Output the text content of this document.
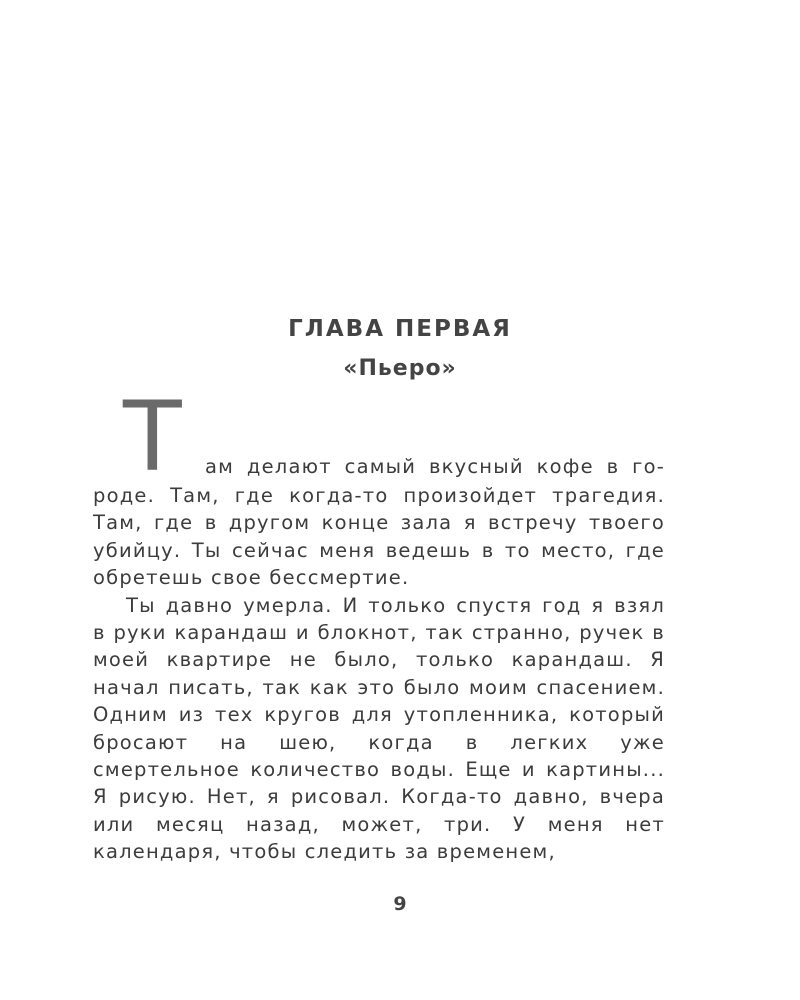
ГЛАВА ПЕРВАЯ
«Пьеро»
Т ам делают самый вкусный кофе в го-

роде. Там, где когда-то произойдет трагедия. Там, где в другом конце зала я встречу твоего убийцу. Ты сейчас меня ведешь в то место, где обретешь свое бессмертие.

Ты давно умерла. И только спустя год я взял в руки карандаш и блокнот, так странно, ручек в моей квартире не было, только карандаш. Я начал писать, так как это было моим спасением. Одним из тех кругов для утопленника, который бросают на шею, когда в легких уже смертельное количество воды. Еще и картины... Я рисую. Нет, я рисовал. Когда-то давно, вчера или месяц назад, может, три. У меня нет календаря, чтобы следить за временем,

9
